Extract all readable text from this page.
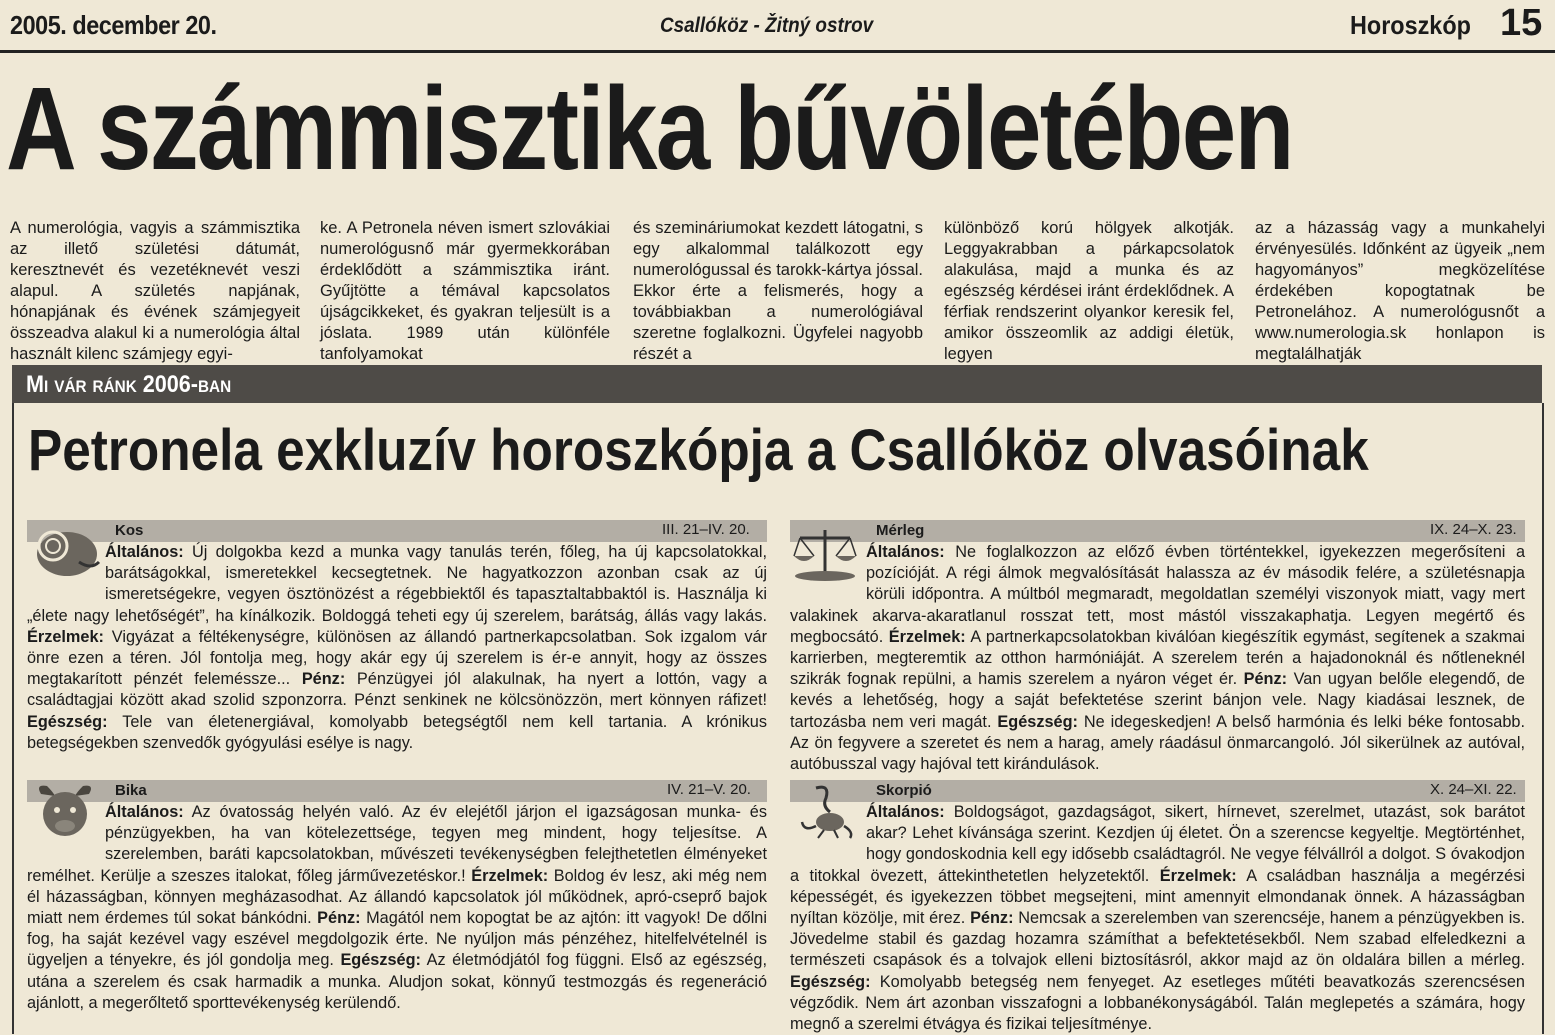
2005. december 20.	Csallóköz - Žitný ostrov	Horoszkóp 15
A számmisztika bűvöletében
A numerológia, vagyis a számmisztika az illető születési dátumát, keresztnevét és vezetéknevét veszi alapul. A születés napjának, hónapjának és évének számjegyeit összeadva alakul ki a numerológia által használt kilenc számjegy egyi-
ke. A Petronela néven ismert szlovákiai numerológusnő már gyermekkorában érdeklődött a számmisztika iránt. Gyűjtötte a témával kapcsolatos újságcikkeket, és gyakran teljesült is a jóslata. 1989 után különféle tanfolyamokat
és szemináriumokat kezdett látogatni, s egy alkalommal találkozott egy numerológussal és tarokk-kártya jóssal. Ekkor érte a felismerés, hogy a továbbiakban a numerológiával szeretne foglalkozni. Ügyfelei nagyobb részét a
különböző korú hölgyek alkotják. Leggyakrabban a párkapcsolatok alakulása, majd a munka és az egészség kérdései iránt érdeklődnek. A férfiak rendszerint olyankor keresik fel, amikor összeomlik az addigi életük, legyen
az a házasság vagy a munkahelyi érvényesülés. Időnként az ügyeik „nem hagyományos” megközelítése érdekében kopogtatnak be Petronelához. A numerológusnőt a www.numerologia.sk honlapon is megtalálhatják
Mi vár ránk 2006-ban
Petronela exkluzív horoszkópja a Csallóköz olvasóinak
Kos	III. 21–IV. 20.
Általános: Új dolgokba kezd a munka vagy tanulás terén, főleg, ha új kapcsolatokkal, barátságokkal, ismeretekkel kecsegtetnek. Ne hagyatkozzon azonban csak az új ismeretségekre, vegyen ösztönözést a régebbiektől és tapasztaltabbaktól is. Használja ki „élete nagy lehetőségét”, ha kínálkozik. Boldoggá teheti egy új szerelem, barátság, állás vagy lakás. Érzelmek: Vigyázat a féltékenységre, különösen az állandó partnerkapcsolatban. Sok izgalom vár önre ezen a téren. Jól fontolja meg, hogy akár egy új szerelem is ér-e annyit, hogy az összes megtakarított pénzét felemésszе... Pénz: Pénzügyei jól alakulnak, ha nyert a lottón, vagy a családtagjai között akad szolid szponzorra. Pénzt senkinek ne kölcsönözzön, mert könnyen ráfizet! Egészség: Tele van életenergiával, komolyabb betegségtől nem kell tartania. A krónikus betegségekben szenvedők gyógyulási esélye is nagy.
Bika	IV. 21–V. 20.
Általános: Az óvatosság helyén való. Az év elejétől járjon el igazságosan munka- és pénzügyekben, ha van kötelezettsége, tegyen meg mindent, hogy teljesítse. A szerelemben, baráti kapcsolatokban, művészeti tevékenységben felejthetetlen élményeket remélhet. Kerülje a szeszes italokat, főleg járművezetéskor.! Érzelmek: Boldog év lesz, aki még nem él házasságban, könnyen megházasodhat. Az állandó kapcsolatok jól működnek, apró-cseprő bajok miatt nem érdemes túl sokat bánkódni. Pénz: Magától nem kopogtat be az ajtón: itt vagyok! De dőlni fog, ha saját kezével vagy eszével megdolgozik érte. Ne nyúljon más pénzéhez, hitelfelvételnél is ügyeljen a tényekre, és jól gondolja meg. Egészség: Az életmódjától fog függni. Első az egészség, utána a szerelem és csak harmadik a munka. Aludjon sokat, könnyű testmozgás és regeneráció ajánlott, a megerőltető sporttevékenység kerülendő.
Mérleg	IX. 24–X. 23.
Általános: Ne foglalkozzon az előző évben történtekkel, igyekezzen megerősíteni a pozícióját. A régi álmok megvalósítását halassza az év második felére, a születésnapja körüli időpontra. A múltból megmaradt, megoldatlan személyi viszonyok miatt, vagy mert valakinek akarva-akaratlanul rosszat tett, most mástól visszakaphatja. Legyen megértő és megbocsátó. Érzelmek: A partnerkapcsolatokban kiválóan kiegészítik egymást, segítenek a szakmai karrierben, megteremtik az otthon harmóniáját. A szerelem terén a hajadonoknál és nőtleneknél szikrák fognak repülni, a hamis szerelem a nyáron véget ér. Pénz: Van ugyan belőle elegendő, de kevés a lehetőség, hogy a saját befektetése szerint bánjon vele. Nagy kiadásai lesznek, de tartozásba nem veri magát. Egészség: Ne idegeskedjen! A belső harmónia és lelki béke fontosabb. Az ön fegyvere a szeretet és nem a harag, amely ráadásul önmarcangoló. Jól sikerülnek az autóval, autóbusszal vagy hajóval tett kirándulások.
Skorpió	X. 24–XI. 22.
Általános: Boldogságot, gazdagságot, sikert, hírnevet, szerelmet, utazást, sok barátot akar? Lehet kívánsága szerint. Kezdjen új életet. Ön a szerencse kegyeltje. Megtörténhet, hogy gondoskodnia kell egy idősebb családtagról. Ne vegye félvállról a dolgot. S óvakodjon a titokkal övezett, áttekinthetetlen helyzetektől. Érzelmek: A családban használja a megérzési képességét, és igyekezzen többet megsejteni, mint amennyit elmondanak önnek. A házasságban nyíltan közölje, mit érez. Pénz: Nemcsak a szerelemben van szerencséje, hanem a pénzügyekben is. Jövedelme stabil és gazdag hozamra számíthat a befektetésekből. Nem szabad elfeledkezni a természeti csapások és a tolvajok elleni biztosításról, akkor majd az ön oldalára billen a mérleg. Egészség: Komolyabb betegség nem fenyeget. Az esetleges műtéti beavatkozás szerencsésen végződik. Nem árt azonban visszafogni a lobbanékonyságából. Talán meglepetés a számára, hogy megnő a szerelmi étvágya és fizikai teljesítménye.
